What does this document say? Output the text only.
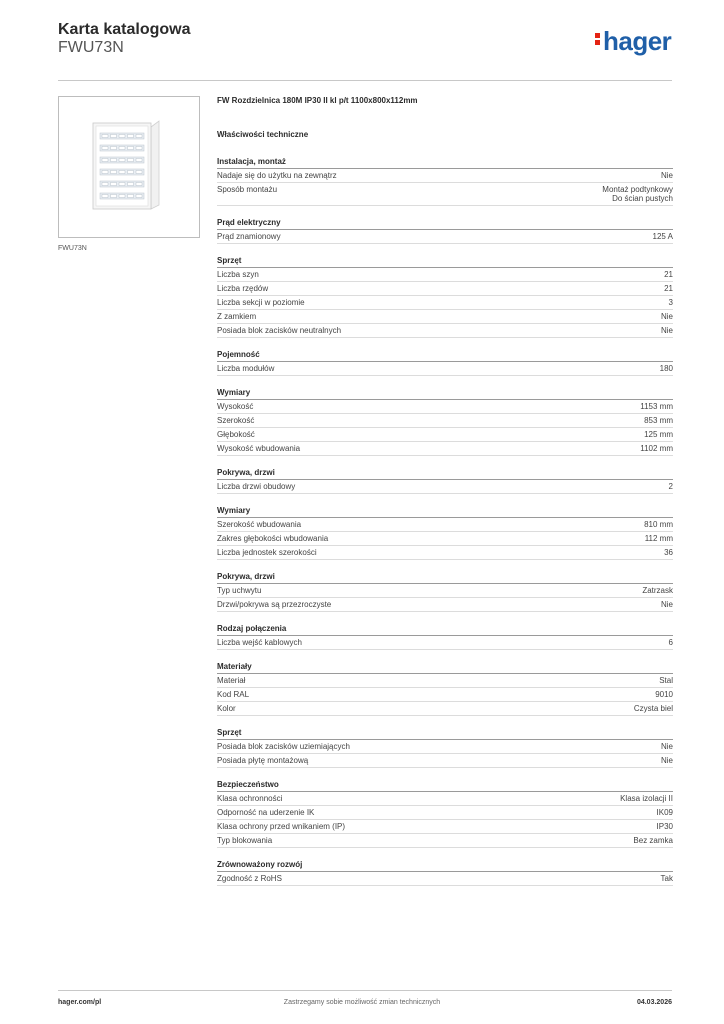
Karta katalogowa
FWU73N	hager
FWU73N
FW Rozdzielnica 180M IP30 II kl p/t 1100x800x112mm
Właściwości techniczne
Instalacja, montaż
Nadaje się do użytku na zewnątrz	Nie
Sposób montażu	Montaż podtynkowy
Do ścian pustych
Prąd elektryczny
Prąd znamionowy	125 A
Sprzęt
Liczba szyn	21
Liczba rzędów	21
Liczba sekcji w poziomie	3
Z zamkiem	Nie
Posiada blok zacisków neutralnych	Nie
Pojemność
Liczba modułów	180
Wymiary
Wysokość	1153 mm
Szerokość	853 mm
Głębokość	125 mm
Wysokość wbudowania	1102 mm
Pokrywa, drzwi
Liczba drzwi obudowy	2
Wymiary
Szerokość wbudowania	810 mm
Zakres głębokości wbudowania	112 mm
Liczba jednostek szerokości	36
Pokrywa, drzwi
Typ uchwytu	Zatrzask
Drzwi/pokrywa są przezroczyste	Nie
Rodzaj połączenia
Liczba wejść kablowych	6
Materiały
Materiał	Stal
Kod RAL	9010
Kolor	Czysta biel
Sprzęt
Posiada blok zacisków uziemiających	Nie
Posiada płytę montażową	Nie
Bezpieczeństwo
Klasa ochronności	Klasa izolacji II
Odporność na uderzenie IK	IK09
Klasa ochrony przed wnikaniem (IP)	IP30
Typ blokowania	Bez zamka
Zrównoważony rozwój
Zgodność z RoHS	Tak
hager.com/pl	Zastrzegamy sobie możliwość zmian technicznych	04.03.2026
